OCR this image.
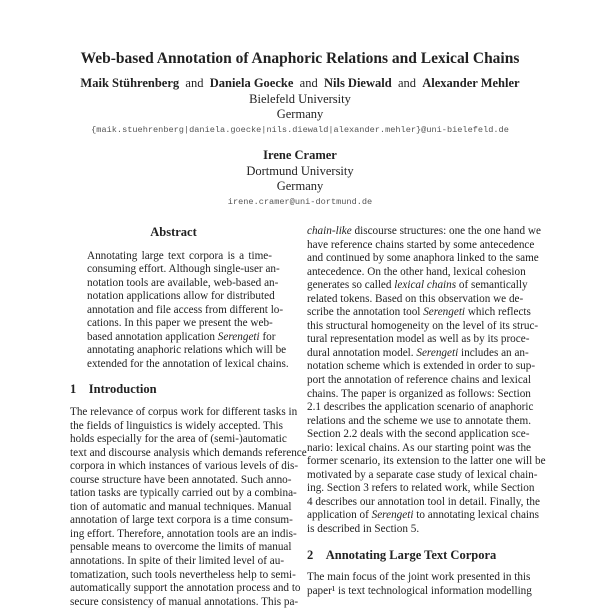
Web-based Annotation of Anaphoric Relations and Lexical Chains
Maik Stührenberg and Daniela Goecke and Nils Diewald and Alexander Mehler
Bielefeld University
Germany
{maik.stuehrenberg|daniela.goecke|nils.diewald|alexander.mehler}@uni-bielefeld.de
Irene Cramer
Dortmund University
Germany
irene.cramer@uni-dortmund.de
Abstract
Annotating large text corpora is a time-
consuming effort. Although single-user an-
notation tools are available, web-based an-
notation applications allow for distributed
annotation and file access from different lo-
cations. In this paper we present the web-
based annotation application Serengeti for
annotating anaphoric relations which will be
extended for the annotation of lexical chains.
1 Introduction
The relevance of corpus work for different tasks in
the fields of linguistics is widely accepted. This
holds especially for the area of (semi-)automatic
text and discourse analysis which demands reference
corpora in which instances of various levels of dis-
course structure have been annotated. Such anno-
tation tasks are typically carried out by a combina-
tion of automatic and manual techniques. Manual
annotation of large text corpora is a time consum-
ing effort. Therefore, annotation tools are an indis-
pensable means to overcome the limits of manual
annotations. In spite of their limited level of au-
tomatization, such tools nevertheless help to semi-
automatically support the annotation process and to
secure consistency of manual annotations. This pa-
chain-like discourse structures: one the one hand we
have reference chains started by some antecedence
and continued by some anaphora linked to the same
antecedence. On the other hand, lexical cohesion
generates so called lexical chains of semantically
related tokens. Based on this observation we de-
scribe the annotation tool Serengeti which reflects
this structural homogeneity on the level of its struc-
tural representation model as well as by its proce-
dural annotation model. Serengeti includes an an-
notation scheme which is extended in order to sup-
port the annotation of reference chains and lexical
chains. The paper is organized as follows: Section
2.1 describes the application scenario of anaphoric
relations and the scheme we use to annotate them.
Section 2.2 deals with the second application sce-
nario: lexical chains. As our starting point was the
former scenario, its extension to the latter one will be
motivated by a separate case study of lexical chain-
ing. Section 3 refers to related work, while Section
4 describes our annotation tool in detail. Finally, the
application of Serengeti to annotating lexical chains
is described in Section 5.
2 Annotating Large Text Corpora
The main focus of the joint work presented in this
paper¹ is text technological information modelling
